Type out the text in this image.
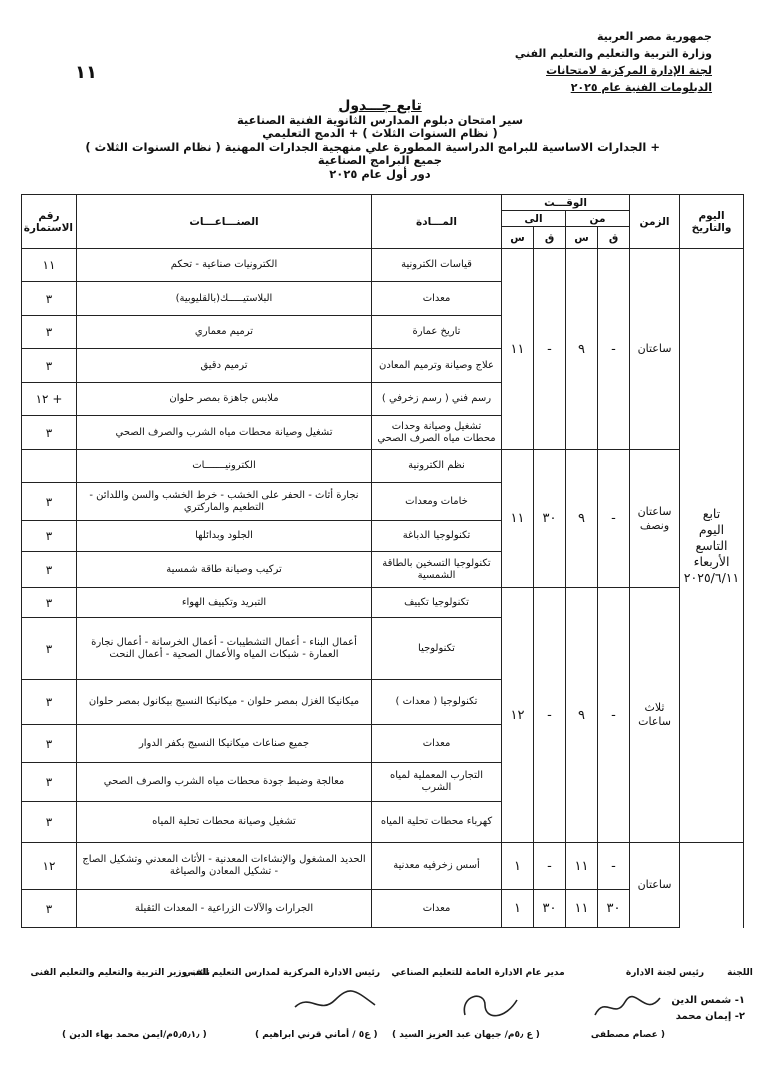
جمهورية مصر العربية
وزارة التربية والتعليم والتعليم الفني
لجنة الإدارة المركزية لامتحانات
الدبلومات الفنية عام ٢٠٢٥
١١
تابع جـــدول
سير امتحان دبلوم المدارس الثانوية الفنية الصناعية
( نظام السنوات الثلاث ) + الدمج التعليمي
+ الجدارات الاساسية للبرامج الدراسية المطورة علي منهجية الجدارات المهنية ( نظام السنوات الثلاث )
جميع البرامج الصناعية
دور أول عام ٢٠٢٥
اليوم والتاريخ	الزمن	الوقـــت				المـــادة	الصنـــاعـــات	رقم الاستمارة
		من		الى				
		ق	س	ق	س			

تابع
اليوم
التاسع
الأربعاء
٢٠٢٥/٦/١١	ساعتان	-	٩	-	١١	قياسات الكترونية	الكترونيات صناعية - تحكم	١١
						معدات	البلاستيـــــك(بالقليوبية)	٣
						تاريخ عمارة	ترميم معماري	٣
						علاج وصيانة وترميم المعادن	ترميم دقيق	٣
						رسم فني ( رسم زخرفي )	ملابس جاهزة بمصر حلوان	١٢ +
						تشغيل وصيانة وحدات محطات مياه الصرف الصحي	تشغيل وصيانة محطات مياه الشرب والصرف الصحي	٣
	ساعتان ونصف	-	٩	٣٠	١١	نظم الكترونية	الكترونيـــــــات	
						خامات ومعدات	نجارة أثاث - الحفر على الخشب - خرط الخشب والسن واللدائن - التطعيم والماركتري	٣
						تكنولوجيا الدباغة	الجلود وبدائلها	٣
						تكنولوجيا التسخين بالطاقة الشمسية	تركيب وصيانة طاقة شمسية	٣
	ثلاث ساعات	-	٩	-	١٢	تكنولوجيا تكييف	التبريد وتكييف الهواء	٣
						تكنولوجيا	أعمال البناء - أعمال التشطيبات - أعمال الخرسانة - أعمال نجارة العمارة - شبكات المياه والأعمال الصحية - أعمال النحت	٣
						تكنولوجيا ( معدات )	ميكانيكا الغزل بمصر حلوان - ميكانيكا النسيج بيكانول بمصر حلوان	٣
						معدات	جميع صناعات ميكانيكا النسيج بكفر الدوار	٣
						التجارب المعملية لمياه الشرب	معالجة وضبط جودة محطات مياه الشرب والصرف الصحي	٣
						كهرباء محطات تحلية المياه	تشغيل وصيانة محطات تحلية المياه	٣
	ساعتان	-	١١	-	١	أسس زخرفيه معدنية	الحديد المشغول والإنشاءات المعدنية - الأثاث المعدني وتشكيل الصاج - تشكيل المعادن والصياغة	١٢
		٣٠	١١	٣٠	١	معدات	الجرارات والآلات الزراعية - المعدات الثقيلة	٣
رئيس لجنة الادارة	اللجنة
١- شمس الدين
٢- إيمان محمد
( عصام مصطفى
مدير عام الادارة العامة للتعليم الصناعي
( ع ٥٫م/ جيهان عبد العزيز السيد )
رئيس الادارة المركزية لمدارس التعليم الفني
( ع٥ / أماني قرني ابراهيم )
نائب وزير التربية والتعليم والتعليم الفنى
( ٥٫٥٫١٫م/ايمن محمد بهاء الدين )
